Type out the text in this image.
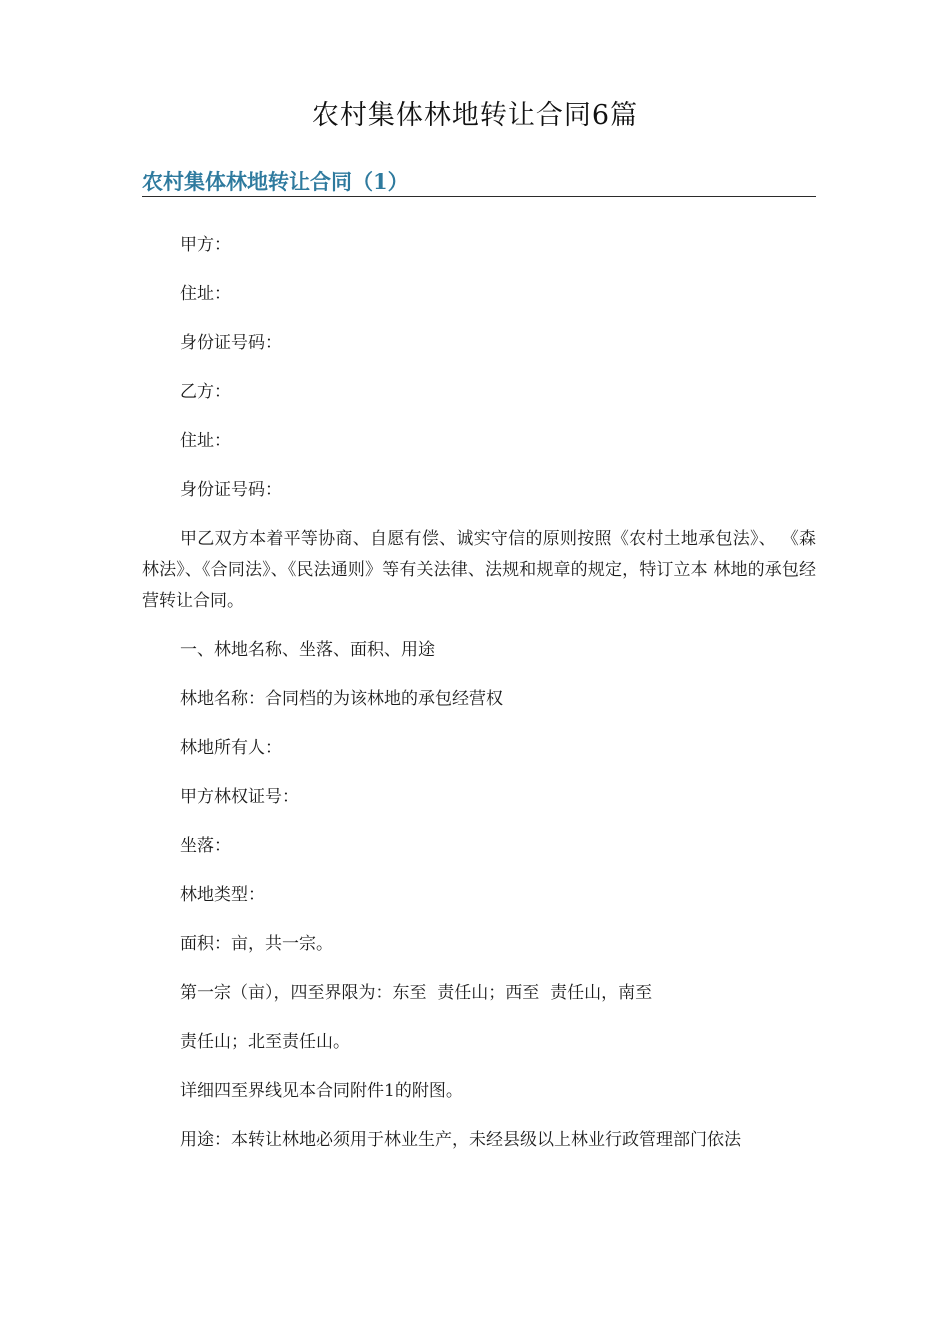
农村集体林地转让合同6篇
农村集体林地转让合同（1）

甲方：

住址：

身份证号码：

乙方：

住址：

身份证号码：

甲乙双方本着平等协商、自愿有偿、诚实守信的原则按照《农村土地承包法》、 《森林法》、《合同法》、《民法通则》等有关法律、法规和规章的规定，特订立本 林地的承包经营转让合同。

一、林地名称、坐落、面积、用途

林地名称：合同档的为该林地的承包经营权

林地所有人：

甲方林权证号：

坐落：

林地类型：

面积：亩，共一宗。

第一宗（亩），四至界限为：东至  责任山；西至  责任山，南至

责任山；北至责任山。

详细四至界线见本合同附件1的附图。

用途：本转让林地必须用于林业生产，未经县级以上林业行政管理部门依法
